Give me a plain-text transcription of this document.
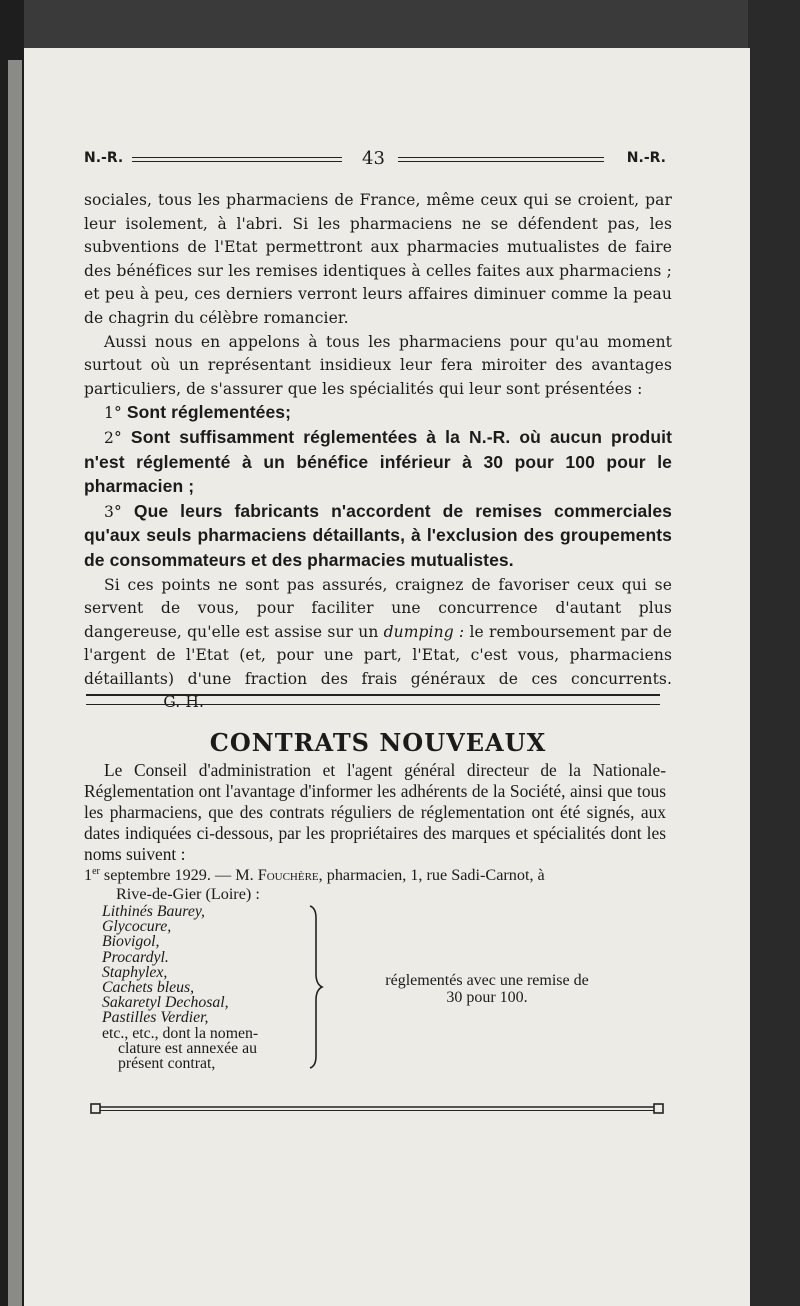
N.-R.	43	N.-R.

sociales, tous les pharmaciens de France, même ceux qui se croient, par leur isolement, à l'abri. Si les pharmaciens ne se défendent pas, les subventions de l'Etat permettront aux pharmacies mutualistes de faire des bénéfices sur les remises identiques à celles faites aux pharmaciens ; et peu à peu, ces derniers verront leurs affaires diminuer comme la peau de chagrin du célèbre romancier.

Aussi nous en appelons à tous les pharmaciens pour qu'au moment surtout où un représentant insidieux leur fera miroiter des avantages particuliers, de s'assurer que les spécialités qui leur sont présentées :

1° Sont réglementées;

2° Sont suffisamment réglementées à la N.-R. où aucun produit n'est réglementé à un bénéfice inférieur à 30 pour 100 pour le pharmacien ;

3° Que leurs fabricants n'accordent de remises commerciales qu'aux seuls pharmaciens détaillants, à l'exclusion des groupements de consommateurs et des pharmacies mutualistes.

Si ces points ne sont pas assurés, craignez de favoriser ceux qui se servent de vous, pour faciliter une concurrence d'autant plus dangereuse, qu'elle est assise sur un dumping : le remboursement par de l'argent de l'Etat (et, pour une part, l'Etat, c'est vous, pharmaciens détaillants) d'une fraction des frais généraux de ces concurrents.G. H.

CONTRATS NOUVEAUX

Le Conseil d'administration et l'agent général directeur de la Nationale-Réglementation ont l'avantage d'informer les adhérents de la Société, ainsi que tous les pharmaciens, que des contrats réguliers de réglementation ont été signés, aux dates indiquées ci-dessous, par les propriétaires des marques et spécialités dont les noms suivent :

1er septembre 1929. — M. Fouchère, pharmacien, 1, rue Sadi-Carnot, à
Rive-de-Gier (Loire) :
Lithinés Baurey,
Glycocure,
Biovigol,
Procardyl.
Staphylex,
Cachets bleus,
Sakaretyl Dechosal,
Pastilles Verdier,
etc., etc., dont la nomen-
clature est annexée au
présent contrat,
réglementés avec une remise de
30 pour 100.
